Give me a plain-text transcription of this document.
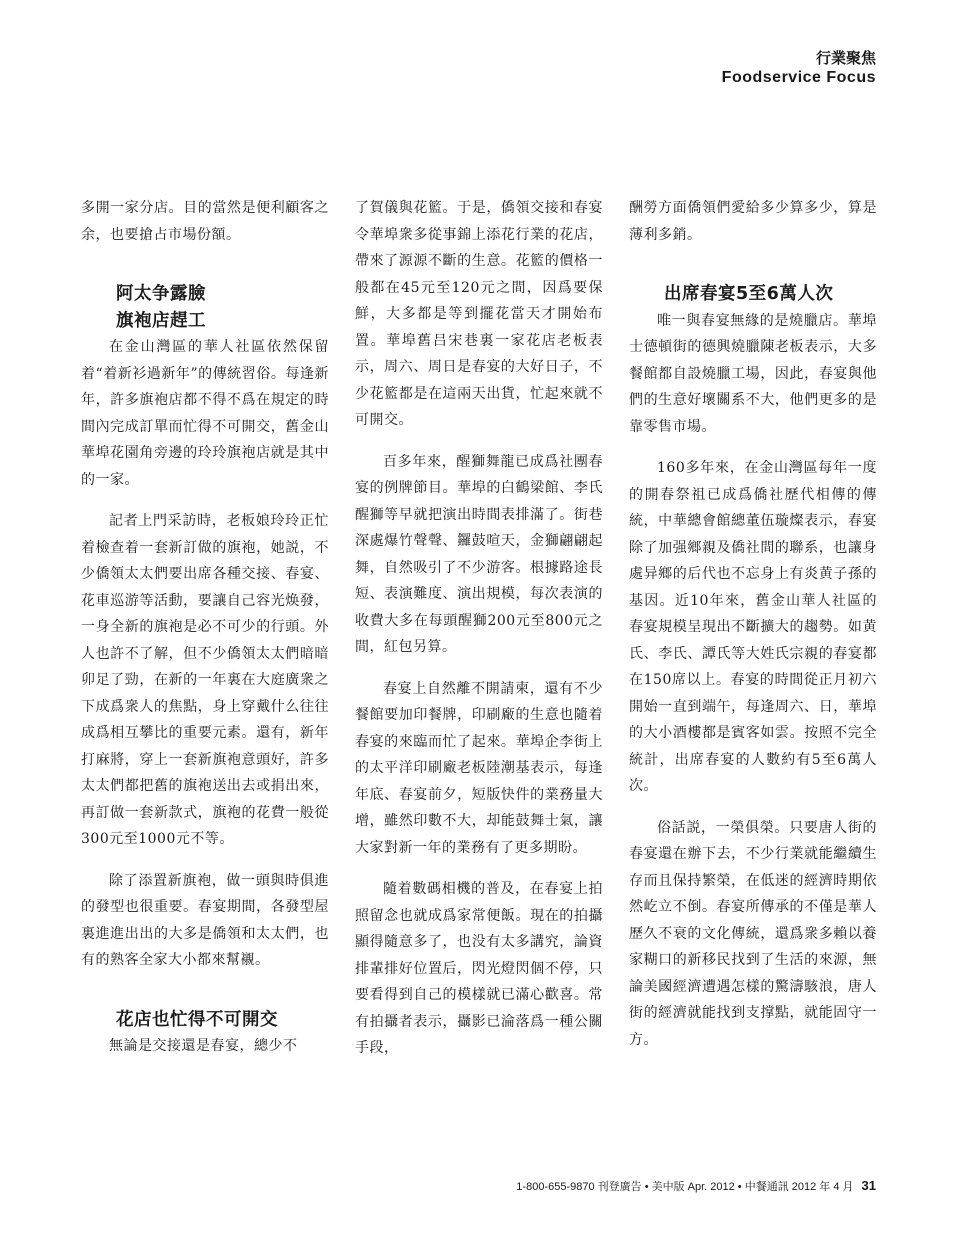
行業聚焦
Foodservice Focus

多開一家分店。目的當然是便利顧客之余，也要搶占市場份額。

阿太争露臉
旗袍店趕工

在金山灣區的華人社區依然保留着“着新衫過新年”的傳統習俗。每逢新年，許多旗袍店都不得不爲在規定的時間內完成訂單而忙得不可開交，舊金山華埠花園角旁邊的玲玲旗袍店就是其中的一家。

記者上門采訪時，老板娘玲玲正忙着檢查着一套新訂做的旗袍，她説，不少僑領太太們要出席各種交接、春宴、花車巡游等活動，要讓自己容光焕發，一身全新的旗袍是必不可少的行頭。外人也許不了解，但不少僑領太太們暗暗卯足了勁，在新的一年裏在大庭廣衆之下成爲衆人的焦點，身上穿戴什么往往成爲相互攀比的重要元素。還有，新年打麻將，穿上一套新旗袍意頭好，許多太太們都把舊的旗袍送出去或捐出來，再訂做一套新款式，旗袍的花費一般從300元至1000元不等。

除了添置新旗袍，做一頭與時俱進的發型也很重要。春宴期間，各發型屋裏進進出出的大多是僑領和太太們，也有的熟客全家大小都來幫襯。

花店也忙得不可開交

無論是交接還是春宴，總少不

了賀儀與花籃。于是，僑領交接和春宴令華埠衆多從事錦上添花行業的花店，帶來了源源不斷的生意。花籃的價格一般都在45元至120元之間，因爲要保鮮，大多都是等到擺花當天才開始布置。華埠舊吕宋巷裏一家花店老板表示，周六、周日是春宴的大好日子，不少花籃都是在這兩天出貨，忙起來就不可開交。

百多年來，醒獅舞龍已成爲社團春宴的例牌節目。華埠的白鶴梁館、李氏醒獅等早就把演出時間表排滿了。街巷深處爆竹聲聲、鑼鼓喧天，金獅翩翩起舞，自然吸引了不少游客。根據路途長短、表演難度、演出規模，每次表演的收費大多在每頭醒獅200元至800元之間，紅包另算。

春宴上自然離不開請柬，還有不少餐館要加印餐牌，印刷廠的生意也隨着春宴的來臨而忙了起來。華埠企李街上的太平洋印刷廠老板陸潮基表示，每逢年底、春宴前夕，短版快件的業務量大增，雖然印數不大，却能鼓舞士氣，讓大家對新一年的業務有了更多期盼。

隨着數碼相機的普及，在春宴上拍照留念也就成爲家常便飯。現在的拍攝顯得隨意多了，也没有太多講究，論資排輩排好位置后，閃光燈閃個不停，只要看得到自己的模樣就已滿心歡喜。常有拍攝者表示，攝影已淪落爲一種公關手段，

酬勞方面僑領們愛給多少算多少，算是薄利多銷。

出席春宴5至6萬人次

唯一與春宴無緣的是燒臘店。華埠士德頓街的德興燒臘陳老板表示，大多餐館都自設燒臘工場，因此，春宴與他們的生意好壞關系不大，他們更多的是靠零售市場。

160多年來，在金山灣區每年一度的開春祭祖已成爲僑社歷代相傳的傳統，中華總會館總董伍璇燦表示，春宴除了加强鄉親及僑社間的聯系，也讓身處异鄉的后代也不忘身上有炎黄子孫的基因。近10年來，舊金山華人社區的春宴規模呈現出不斷擴大的趨勢。如黄氏、李氏、譚氏等大姓氏宗親的春宴都在150席以上。春宴的時間從正月初六開始一直到端午，每逢周六、日，華埠的大小酒樓都是賓客如雲。按照不完全統計，出席春宴的人數約有5至6萬人次。

俗話説，一榮俱榮。只要唐人街的春宴還在辦下去，不少行業就能繼續生存而且保持繁榮，在低迷的經濟時期依然屹立不倒。春宴所傳承的不僅是華人歷久不衰的文化傳統，還爲衆多賴以養家糊口的新移民找到了生活的來源，無論美國經濟遭遇怎樣的驚濤駭浪，唐人街的經濟就能找到支撑點，就能固守一方。

1-800-655-9870 刊登廣告 • 美中版 Apr. 2012 • 中餐通訊 2012 年 4 月 31
